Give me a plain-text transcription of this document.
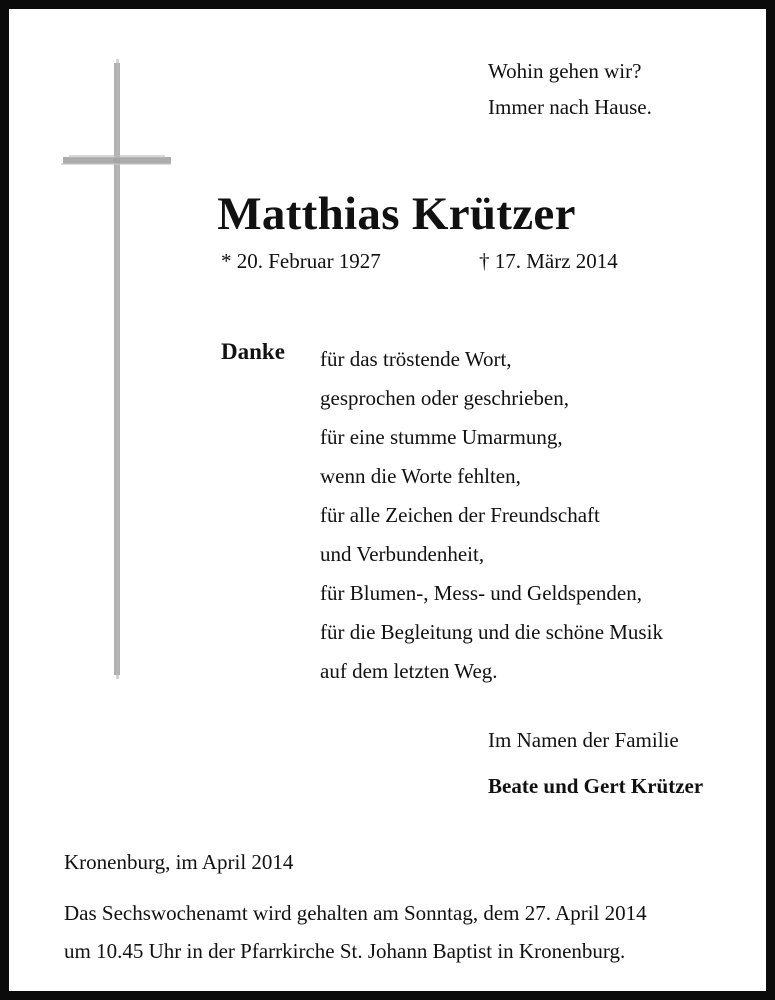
Wohin gehen wir?
Immer nach Hause.
Matthias Krützer
* 20. Februar 1927	† 17. März 2014
Danke für das tröstende Wort,
gesprochen oder geschrieben,
für eine stumme Umarmung,
wenn die Worte fehlten,
für alle Zeichen der Freundschaft
und Verbundenheit,
für Blumen-, Mess- und Geldspenden,
für die Begleitung und die schöne Musik
auf dem letzten Weg.
Im Namen der Familie
Beate und Gert Krützer
Kronenburg, im April 2014
Das Sechswochenamt wird gehalten am Sonntag, dem 27. April 2014
um 10.45 Uhr in der Pfarrkirche St. Johann Baptist in Kronenburg.
